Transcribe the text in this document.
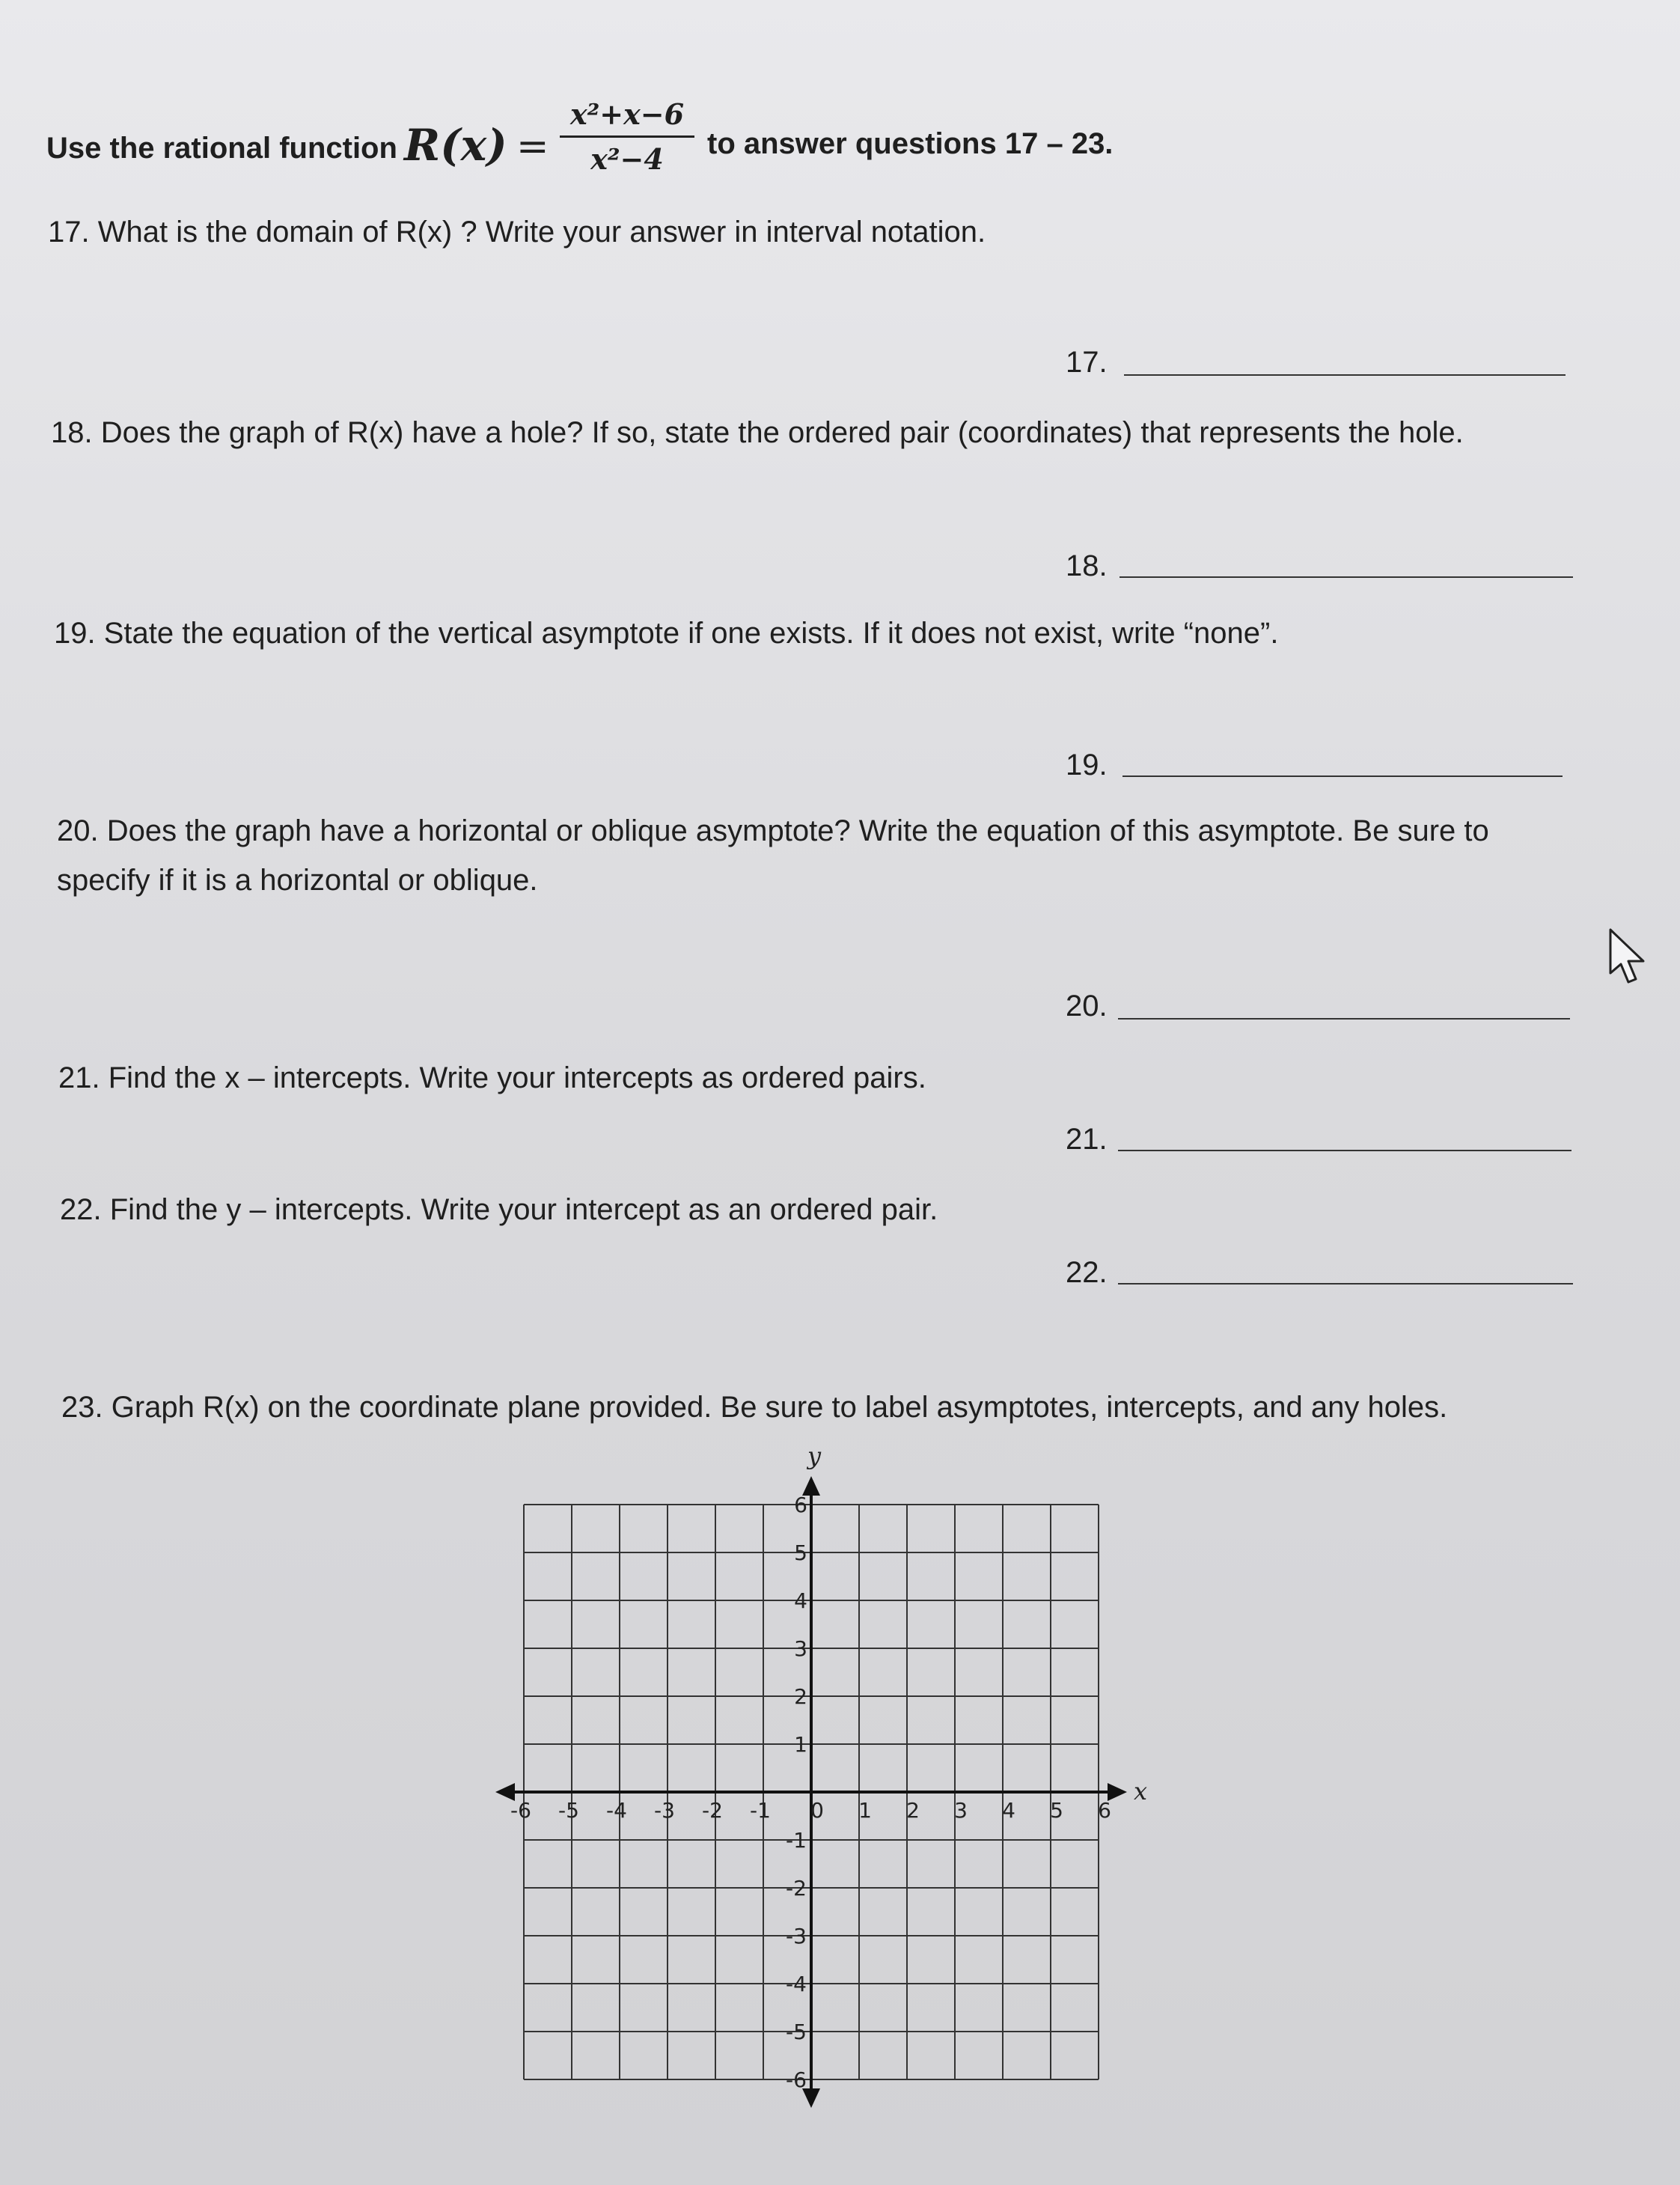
Use the rational function R(x) =
x²+x−6
x²−4	to answer questions 17 – 23.
17. What is the domain of R(x) ? Write your answer in interval notation.
17.
18. Does the graph of R(x) have a hole? If so, state the ordered pair (coordinates) that represents the hole.
18.
19. State the equation of the vertical asymptote if one exists. If it does not exist, write “none”.
19.
20. Does the graph have a horizontal or oblique asymptote? Write the equation of this asymptote. Be sure to
specify if it is a horizontal or oblique.
20.
21. Find the x – intercepts. Write your intercepts as ordered pairs.
21.
22. Find the y – intercepts. Write your intercept as an ordered pair.
22.
23. Graph R(x) on the coordinate plane provided. Be sure to label asymptotes, intercepts, and any holes.
-6 -5 -4 -3 -2 -1 0 1 2 3 4 5 6
1
2
3
4
5
6
-1
-2
-3
-4
-5
-6
x
y
